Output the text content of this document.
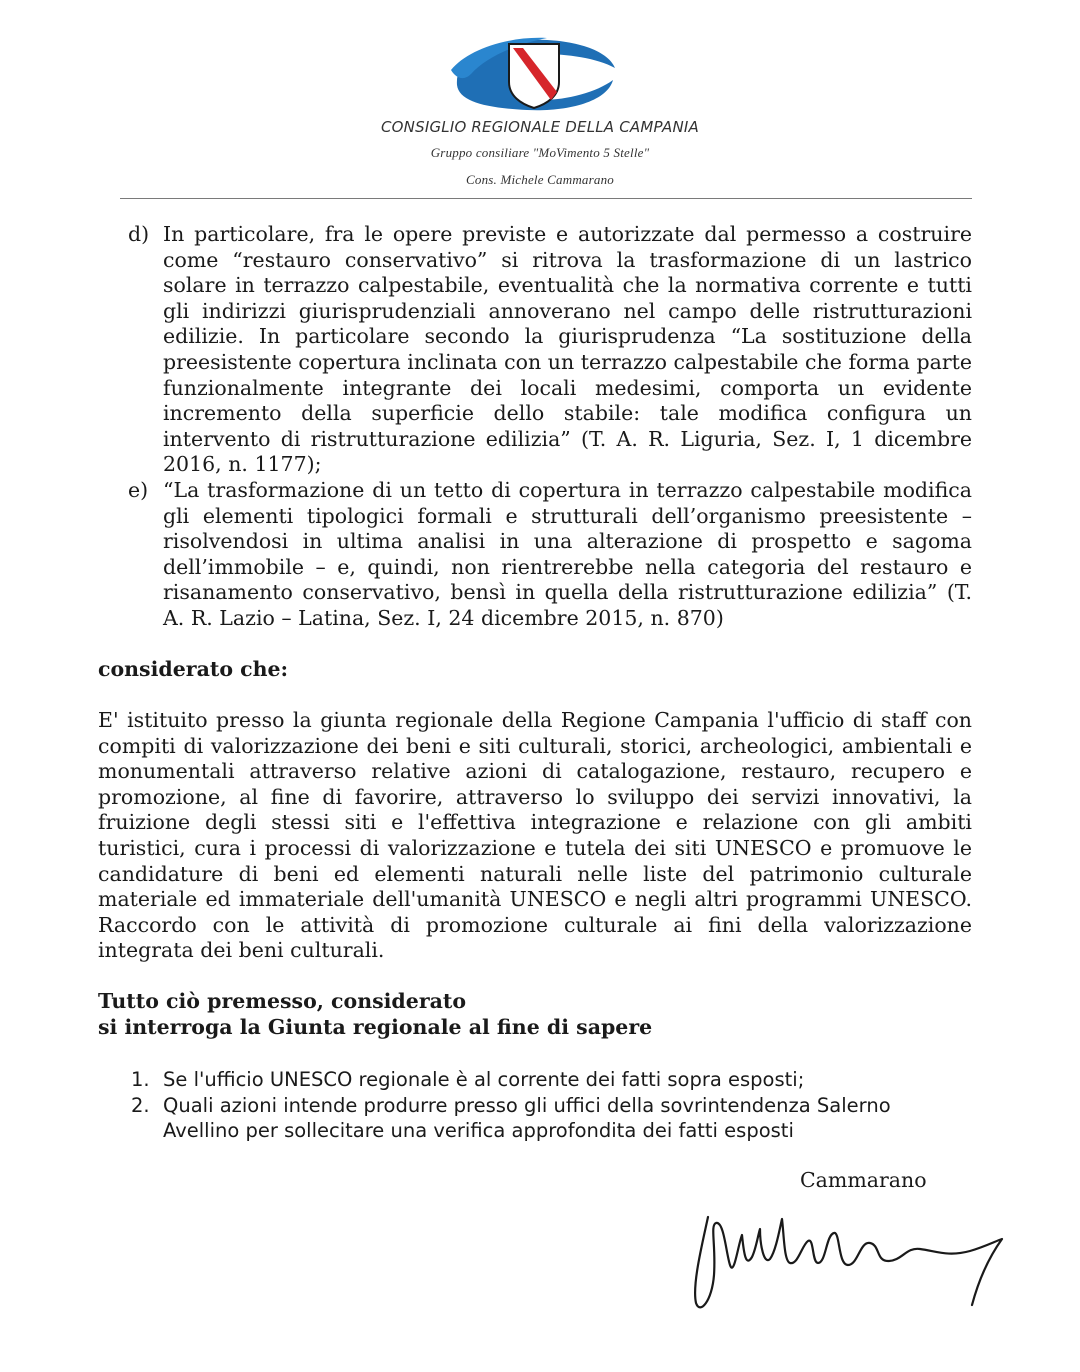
CONSIGLIO REGIONALE DELLA CAMPANIA
Gruppo consiliare "MoVimento 5 Stelle"
Cons. Michele Cammarano
d) In particolare, fra le opere previste e autorizzate dal permesso a costruire come “restauro conservativo” si ritrova la trasformazione di un lastrico solare in terrazzo calpestabile, eventualità che la normativa corrente e tutti gli indirizzi giurisprudenziali annoverano nel campo delle ristrutturazioni edilizie. In particolare secondo la giurisprudenza “La sostituzione della preesistente copertura inclinata con un terrazzo calpestabile che forma parte funzionalmente integrante dei locali medesimi, comporta un evidente incremento della superficie dello stabile: tale modifica configura un intervento di ristrutturazione edilizia” (T. A. R. Liguria, Sez. I, 1 dicembre 2016, n. 1177);
e) “La trasformazione di un tetto di copertura in terrazzo calpestabile modifica gli elementi tipologici formali e strutturali dell’organismo preesistente – risolvendosi in ultima analisi in una alterazione di prospetto e sagoma dell’immobile – e, quindi, non rientrerebbe nella categoria del restauro e risanamento conservativo, bensì in quella della ristrutturazione edilizia” (T. A. R. Lazio – Latina, Sez. I, 24 dicembre 2015, n. 870)
considerato che:
E' istituito presso la giunta regionale della Regione Campania l'ufficio di staff con compiti di valorizzazione dei beni e siti culturali, storici, archeologici, ambientali e monumentali attraverso relative azioni di catalogazione, restauro, recupero e promozione, al fine di favorire, attraverso lo sviluppo dei servizi innovativi, la fruizione degli stessi siti e l'effettiva integrazione e relazione con gli ambiti turistici, cura i processi di valorizzazione e tutela dei siti UNESCO e promuove le candidature di beni ed elementi naturali nelle liste del patrimonio culturale materiale ed immateriale dell'umanità UNESCO e negli altri programmi UNESCO. Raccordo con le attività di promozione culturale ai fini della valorizzazione integrata dei beni culturali.
Tutto ciò premesso, considerato
si interroga la Giunta regionale al fine di sapere
1. Se l'ufficio UNESCO regionale è al corrente dei fatti sopra esposti;
2. Quali azioni intende produrre presso gli uffici della sovrintendenza Salerno Avellino per sollecitare una verifica approfondita dei fatti esposti
Cammarano
